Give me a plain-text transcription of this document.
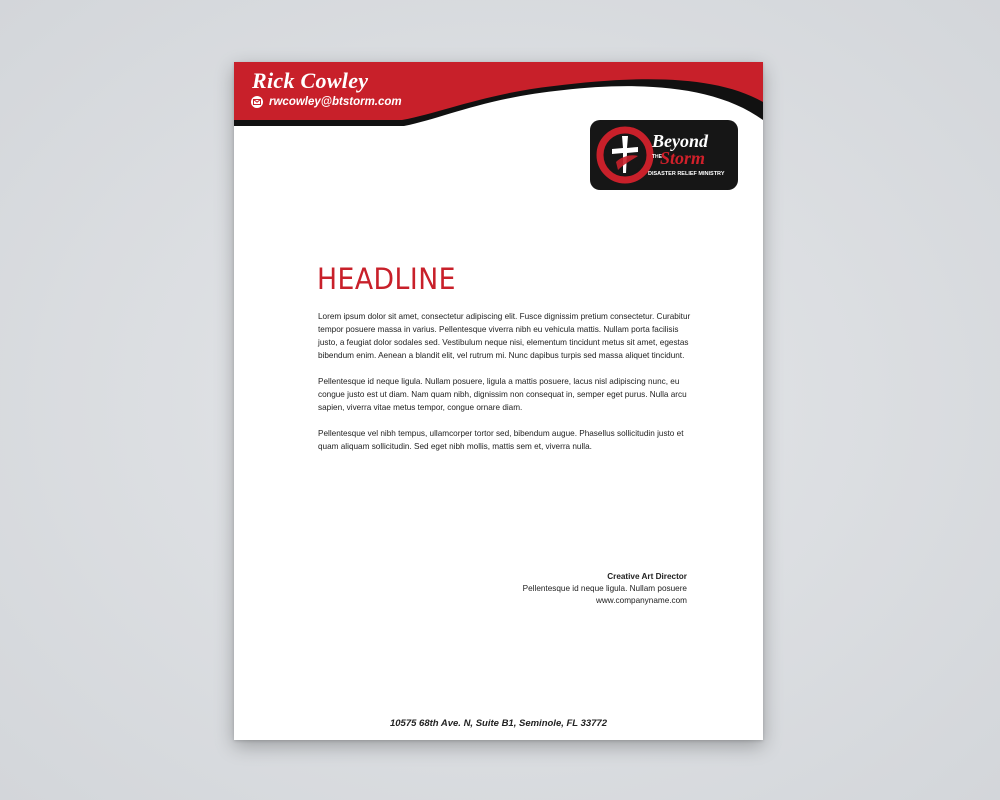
Rick Cowley
rwcowley@btstorm.com
Beyond
THE
Storm
DISASTER RELIEF MINISTRY
HEADLINE

Lorem ipsum dolor sit amet, consectetur adipiscing elit. Fusce dignissim pretium consectetur. Curabitur tempor posuere massa in varius. Pellentesque viverra nibh eu vehicula mattis. Nullam porta facilisis justo, a feugiat dolor sodales sed. Vestibulum neque nisi, elementum tincidunt metus sit amet, egestas bibendum enim. Aenean a blandit elit, vel rutrum mi. Nunc dapibus turpis sed massa aliquet tincidunt.

Pellentesque id neque ligula. Nullam posuere, ligula a mattis posuere, lacus nisl adipiscing nunc, eu congue justo est ut diam. Nam quam nibh, dignissim non consequat in, semper eget purus. Nulla arcu sapien, viverra vitae metus tempor, congue ornare diam.

Pellentesque vel nibh tempus, ullamcorper tortor sed, bibendum augue. Phasellus sollicitudin justo et quam aliquam sollicitudin. Sed eget nibh mollis, mattis sem et, viverra nulla.

Creative Art Director
Pellentesque id neque ligula. Nullam posuere
www.companyname.com
10575 68th Ave. N, Suite B1, Seminole, FL 33772
